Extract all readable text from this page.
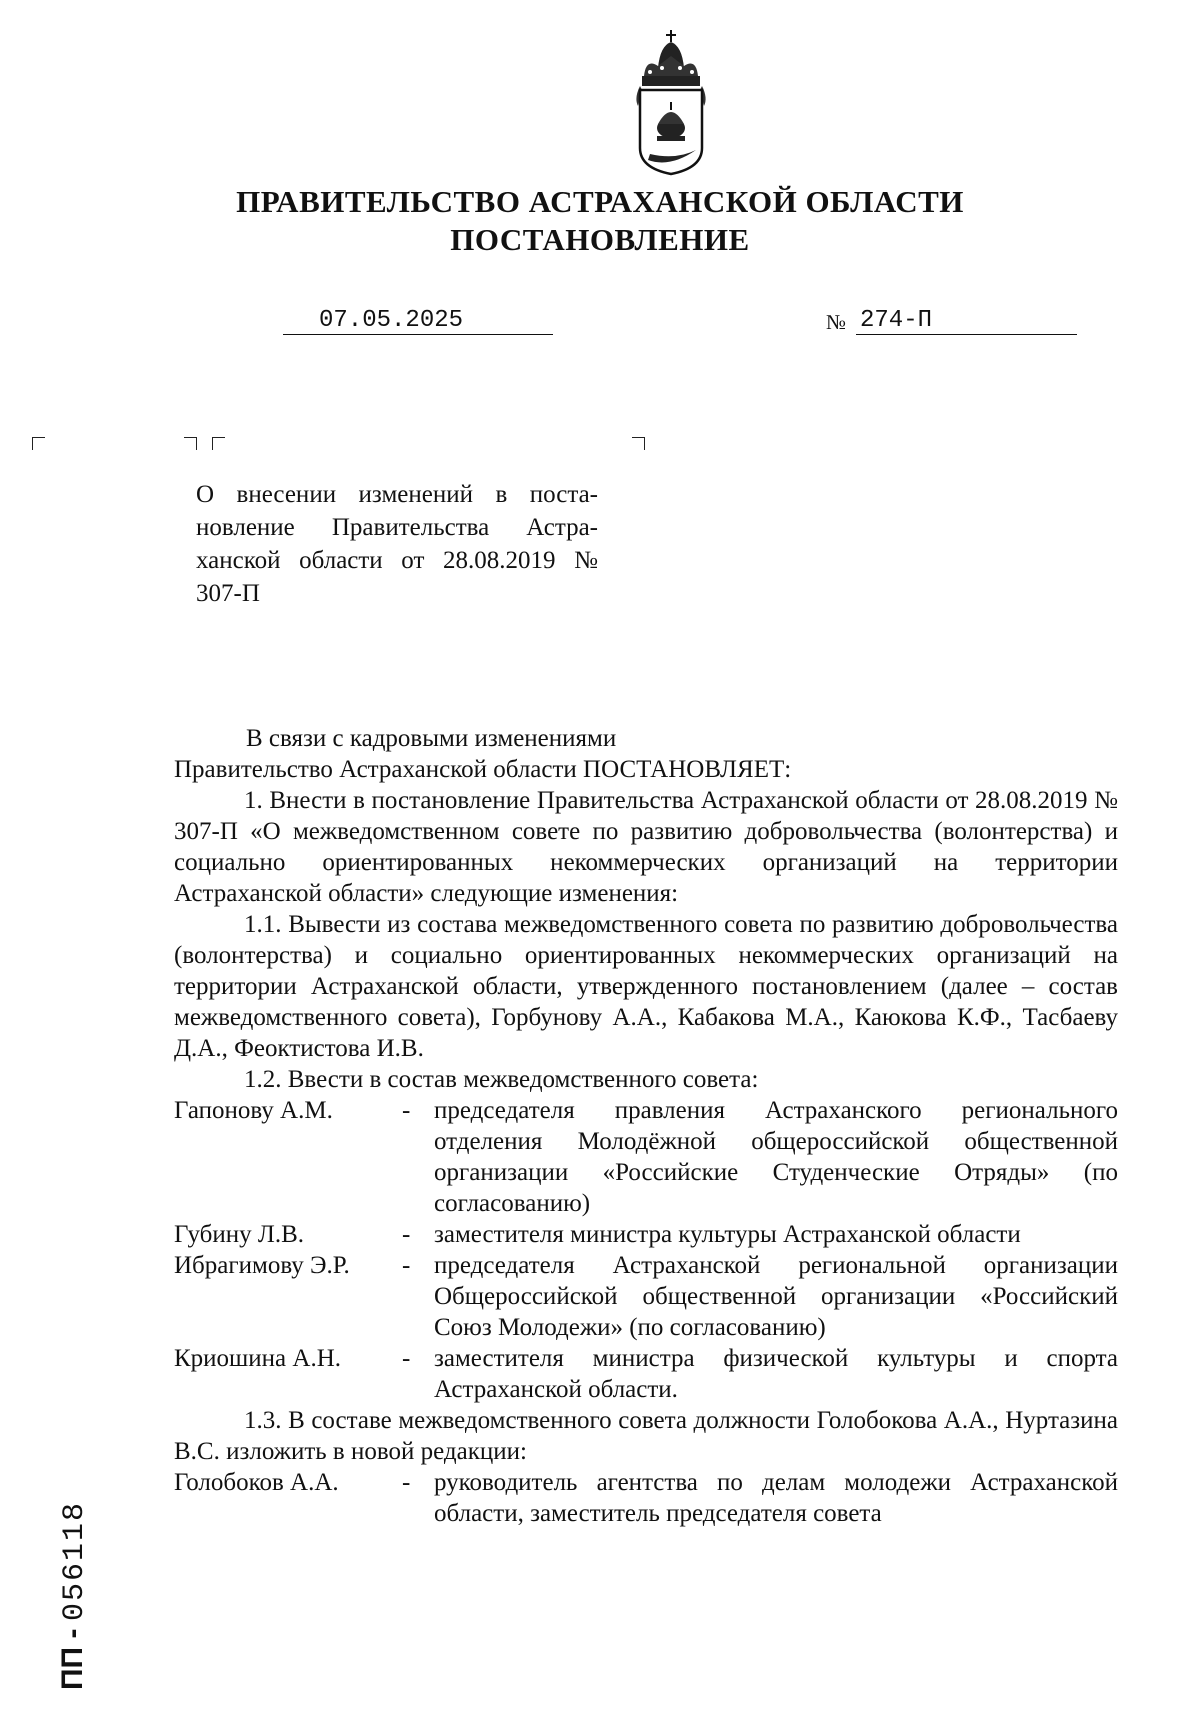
ПРАВИТЕЛЬСТВО АСТРАХАНСКОЙ ОБЛАСТИ
ПОСТАНОВЛЕНИЕ
07.05.2025	№ 274-П
О внесении изменений в постановление Правительства Астраханской области от 28.08.2019 № 307-П

В связи с кадровыми изменениями

Правительство Астраханской области ПОСТАНОВЛЯЕТ:

1. Внести в постановление Правительства Астраханской области от 28.08.2019 № 307-П «О межведомственном совете по развитию добровольчества (волонтерства) и социально ориентированных некоммерческих организаций на территории Астраханской области» следующие изменения:

1.1. Вывести из состава межведомственного совета по развитию добровольчества (волонтерства) и социально ориентированных некоммерческих организаций на территории Астраханской области, утвержденного постановлением (далее – состав межведомственного совета), Горбунову А.А., Кабакова М.А., Каюкова К.Ф., Тасбаеву Д.А., Феоктистова И.В.

1.2. Ввести в состав межведомственного совета:

Гапонову А.М.	- председателя правления Астраханского регионального отделения Молодёжной общероссийской общественной организации «Российские Студенческие Отряды» (по согласованию)
Губину Л.В.	- заместителя министра культуры Астраханской области
Ибрагимову Э.Р.	- председателя Астраханской региональной организации Общероссийской общественной организации «Российский Союз Молодежи» (по согласованию)
Криошина А.Н.	- заместителя министра физической культуры и спорта Астраханской области.

1.3. В составе межведомственного совета должности Голобокова А.А., Нуртазина В.С. изложить в новой редакции:

Голобоков А.А.	- руководитель агентства по делам молодежи Астраханской области, заместитель председателя совета
ПП - 056118
